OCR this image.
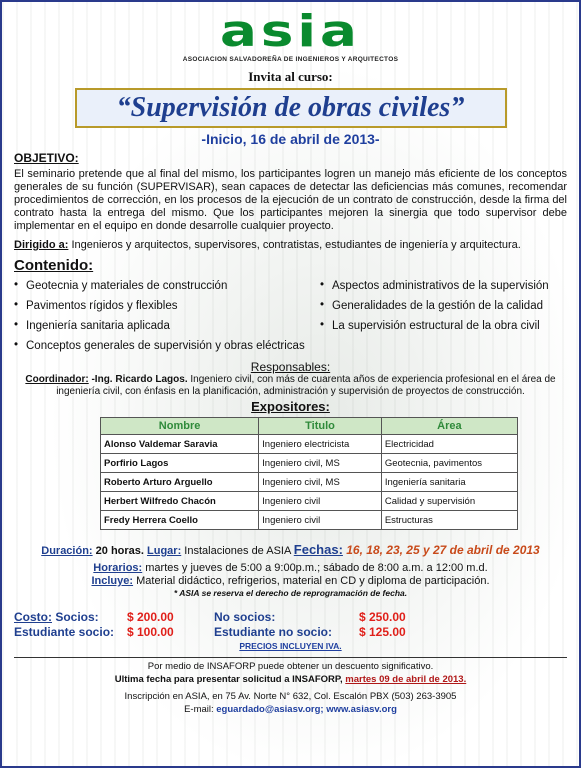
asia
ASOCIACION SALVADOREÑA DE INGENIEROS Y ARQUITECTOS
Invita al curso:
“Supervisión de obras civiles”
-Inicio, 16 de abril de 2013-
OBJETIVO:
El seminario pretende que al final del mismo, los participantes logren un manejo más eficiente de los conceptos generales de su función (SUPERVISAR), sean capaces de detectar las deficiencias más comunes, recomendar procedimientos de corrección, en los procesos de la ejecución de un contrato de construcción, desde la firma del contrato hasta la entrega del mismo. Que los participantes mejoren la sinergia que todo supervisor debe implementar en el equipo en donde desarrolle cualquier proyecto.
Dirigido a: Ingenieros y arquitectos, supervisores, contratistas, estudiantes de ingeniería y arquitectura.
Contenido:
• Geotecnia y materiales de construcción
• Pavimentos rígidos y flexibles
• Ingeniería sanitaria aplicada
• Conceptos generales de supervisión y obras eléctricas
• Aspectos administrativos de la supervisión
• Generalidades de la gestión de la calidad
• La supervisión estructural de la obra civil
Responsables:
Coordinador: -Ing. Ricardo Lagos. Ingeniero civil, con más de cuarenta años de experiencia profesional en el área de ingeniería civil, con énfasis en la planificación, administración y supervisión de proyectos de construcción.
Expositores:
Nombre	Titulo	Área
Alonso Valdemar Saravia	Ingeniero electricista	Electricidad
Porfirio Lagos	Ingeniero civil, MS	Geotecnia, pavimentos
Roberto Arturo Arguello	Ingeniero civil, MS	Ingeniería sanitaria
Herbert Wilfredo Chacón	Ingeniero civil	Calidad y supervisión
Fredy Herrera Coello	Ingeniero civil	Estructuras
Duración: 20 horas. Lugar: Instalaciones de ASIA Fechas: 16, 18, 23, 25 y 27 de abril de 2013
Horarios: martes y jueves de 5:00 a 9:00p.m.; sábado de 8:00 a.m. a 12:00 m.d.
Incluye: Material didáctico, refrigerios, material en CD y diploma de participación.
* ASIA se reserva el derecho de reprogramación de fecha.
Costo: Socios: $ 200.00	No socios:	$ 250.00
Estudiante socio: $ 100.00	Estudiante no socio: $ 125.00
PRECIOS INCLUYEN IVA.
Por medio de INSAFORP puede obtener un descuento significativo.
Ultima fecha para presentar solicitud a INSAFORP, martes 09 de abril de 2013.
Inscripción en ASIA, en 75 Av. Norte N° 632, Col. Escalón PBX (503) 263-3905
E-mail: eguardado@asiasv.org; www.asiasv.org
